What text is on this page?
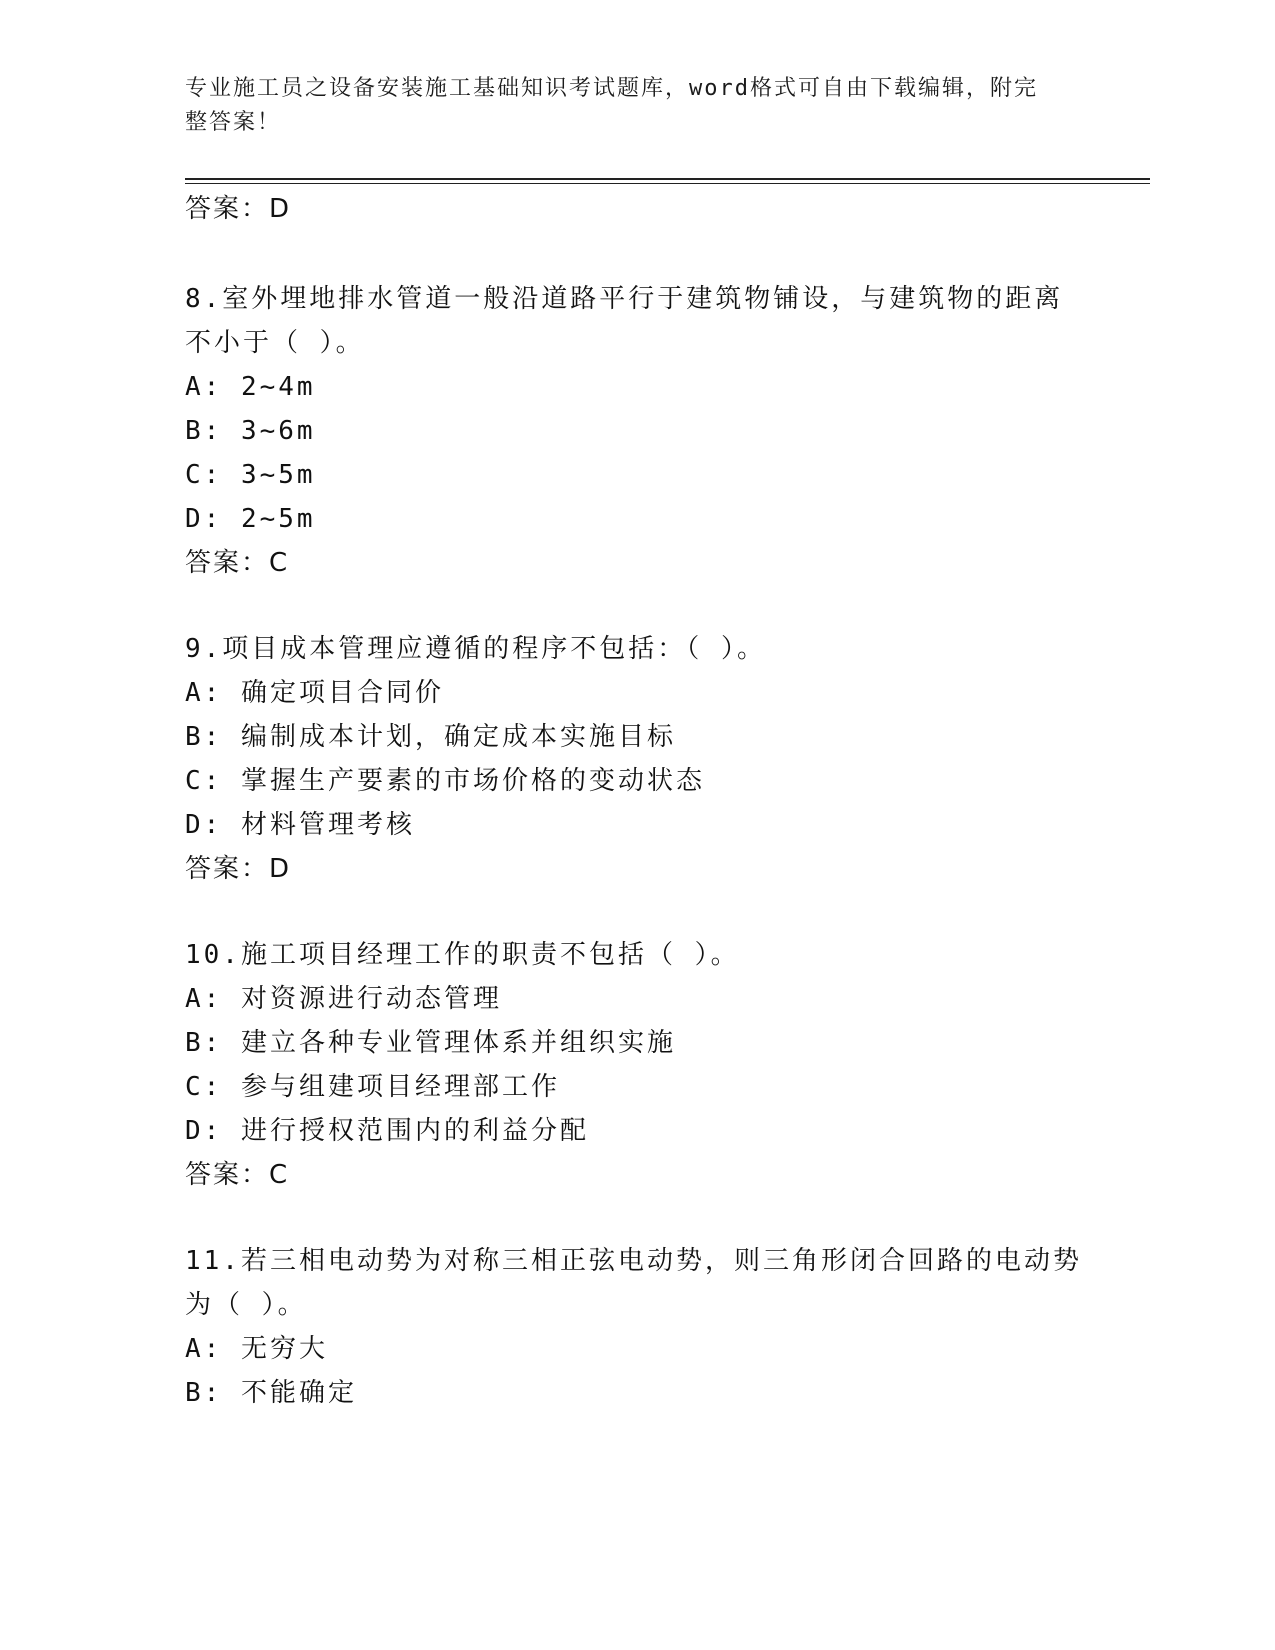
专业施工员之设备安装施工基础知识考试题库，word格式可自由下载编辑，附完
整答案！
答案：D
8.室外埋地排水管道一般沿道路平行于建筑物铺设，与建筑物的距离
不小于（ ）。
A: 2~4m
B: 3~6m
C: 3~5m
D: 2~5m
答案：C
9.项目成本管理应遵循的程序不包括：（ ）。
A: 确定项目合同价
B: 编制成本计划，确定成本实施目标
C: 掌握生产要素的市场价格的变动状态
D: 材料管理考核
答案：D
10.施工项目经理工作的职责不包括（ ）。
A: 对资源进行动态管理
B: 建立各种专业管理体系并组织实施
C: 参与组建项目经理部工作
D: 进行授权范围内的利益分配
答案：C
11.若三相电动势为对称三相正弦电动势，则三角形闭合回路的电动势
为（ ）。
A: 无穷大
B: 不能确定
